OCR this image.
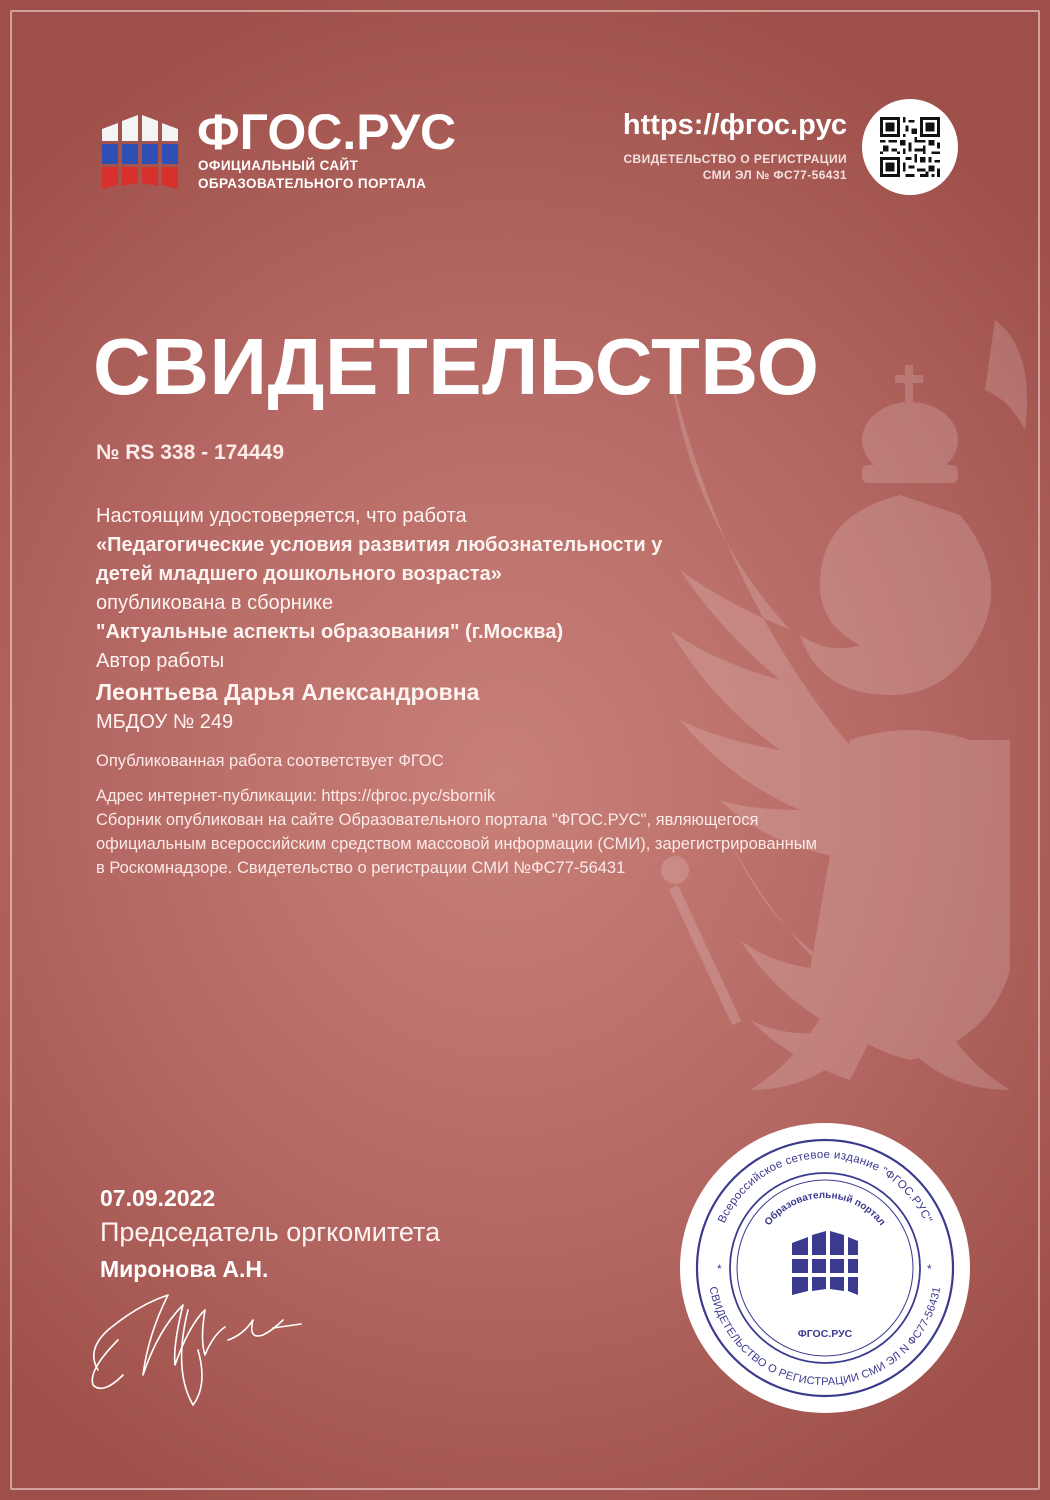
ФГОС.РУС
ОФИЦИАЛЬНЫЙ САЙТ
ОБРАЗОВАТЕЛЬНОГО ПОРТАЛА
https://фгос.рус
СВИДЕТЕЛЬСТВО О РЕГИСТРАЦИИ
СМИ ЭЛ № ФС77-56431
СВИДЕТЕЛЬСТВО
№ RS 338 - 174449
Настоящим удостоверяется, что работа
«Педагогические условия развития любознательности у
детей младшего дошкольного возраста»
опубликована в сборнике
"Актуальные аспекты образования" (г.Москва)
Автор работы
Леонтьева Дарья Александровна
МБДОУ № 249
Опубликованная работа соответствует ФГОС
Адрес интернет-публикации: https://фгос.рус/sbornik
Сборник опубликован на сайте Образовательного портала "ФГОС.РУС", являющегося
официальным всероссийским средством массовой информации (СМИ), зарегистрированным
в Роскомнадзоре. Свидетельство о регистрации СМИ №ФС77-56431
07.09.2022
Председатель оргкомитета
Миронова А.Н.
Всероссийское сетевое издание "ФГОС.РУС"
СВИДЕТЕЛЬСТВО О РЕГИСТРАЦИИ СМИ ЭЛ N ФС77-56431
Образовательный портал
*	*
ФГОС.РУС
